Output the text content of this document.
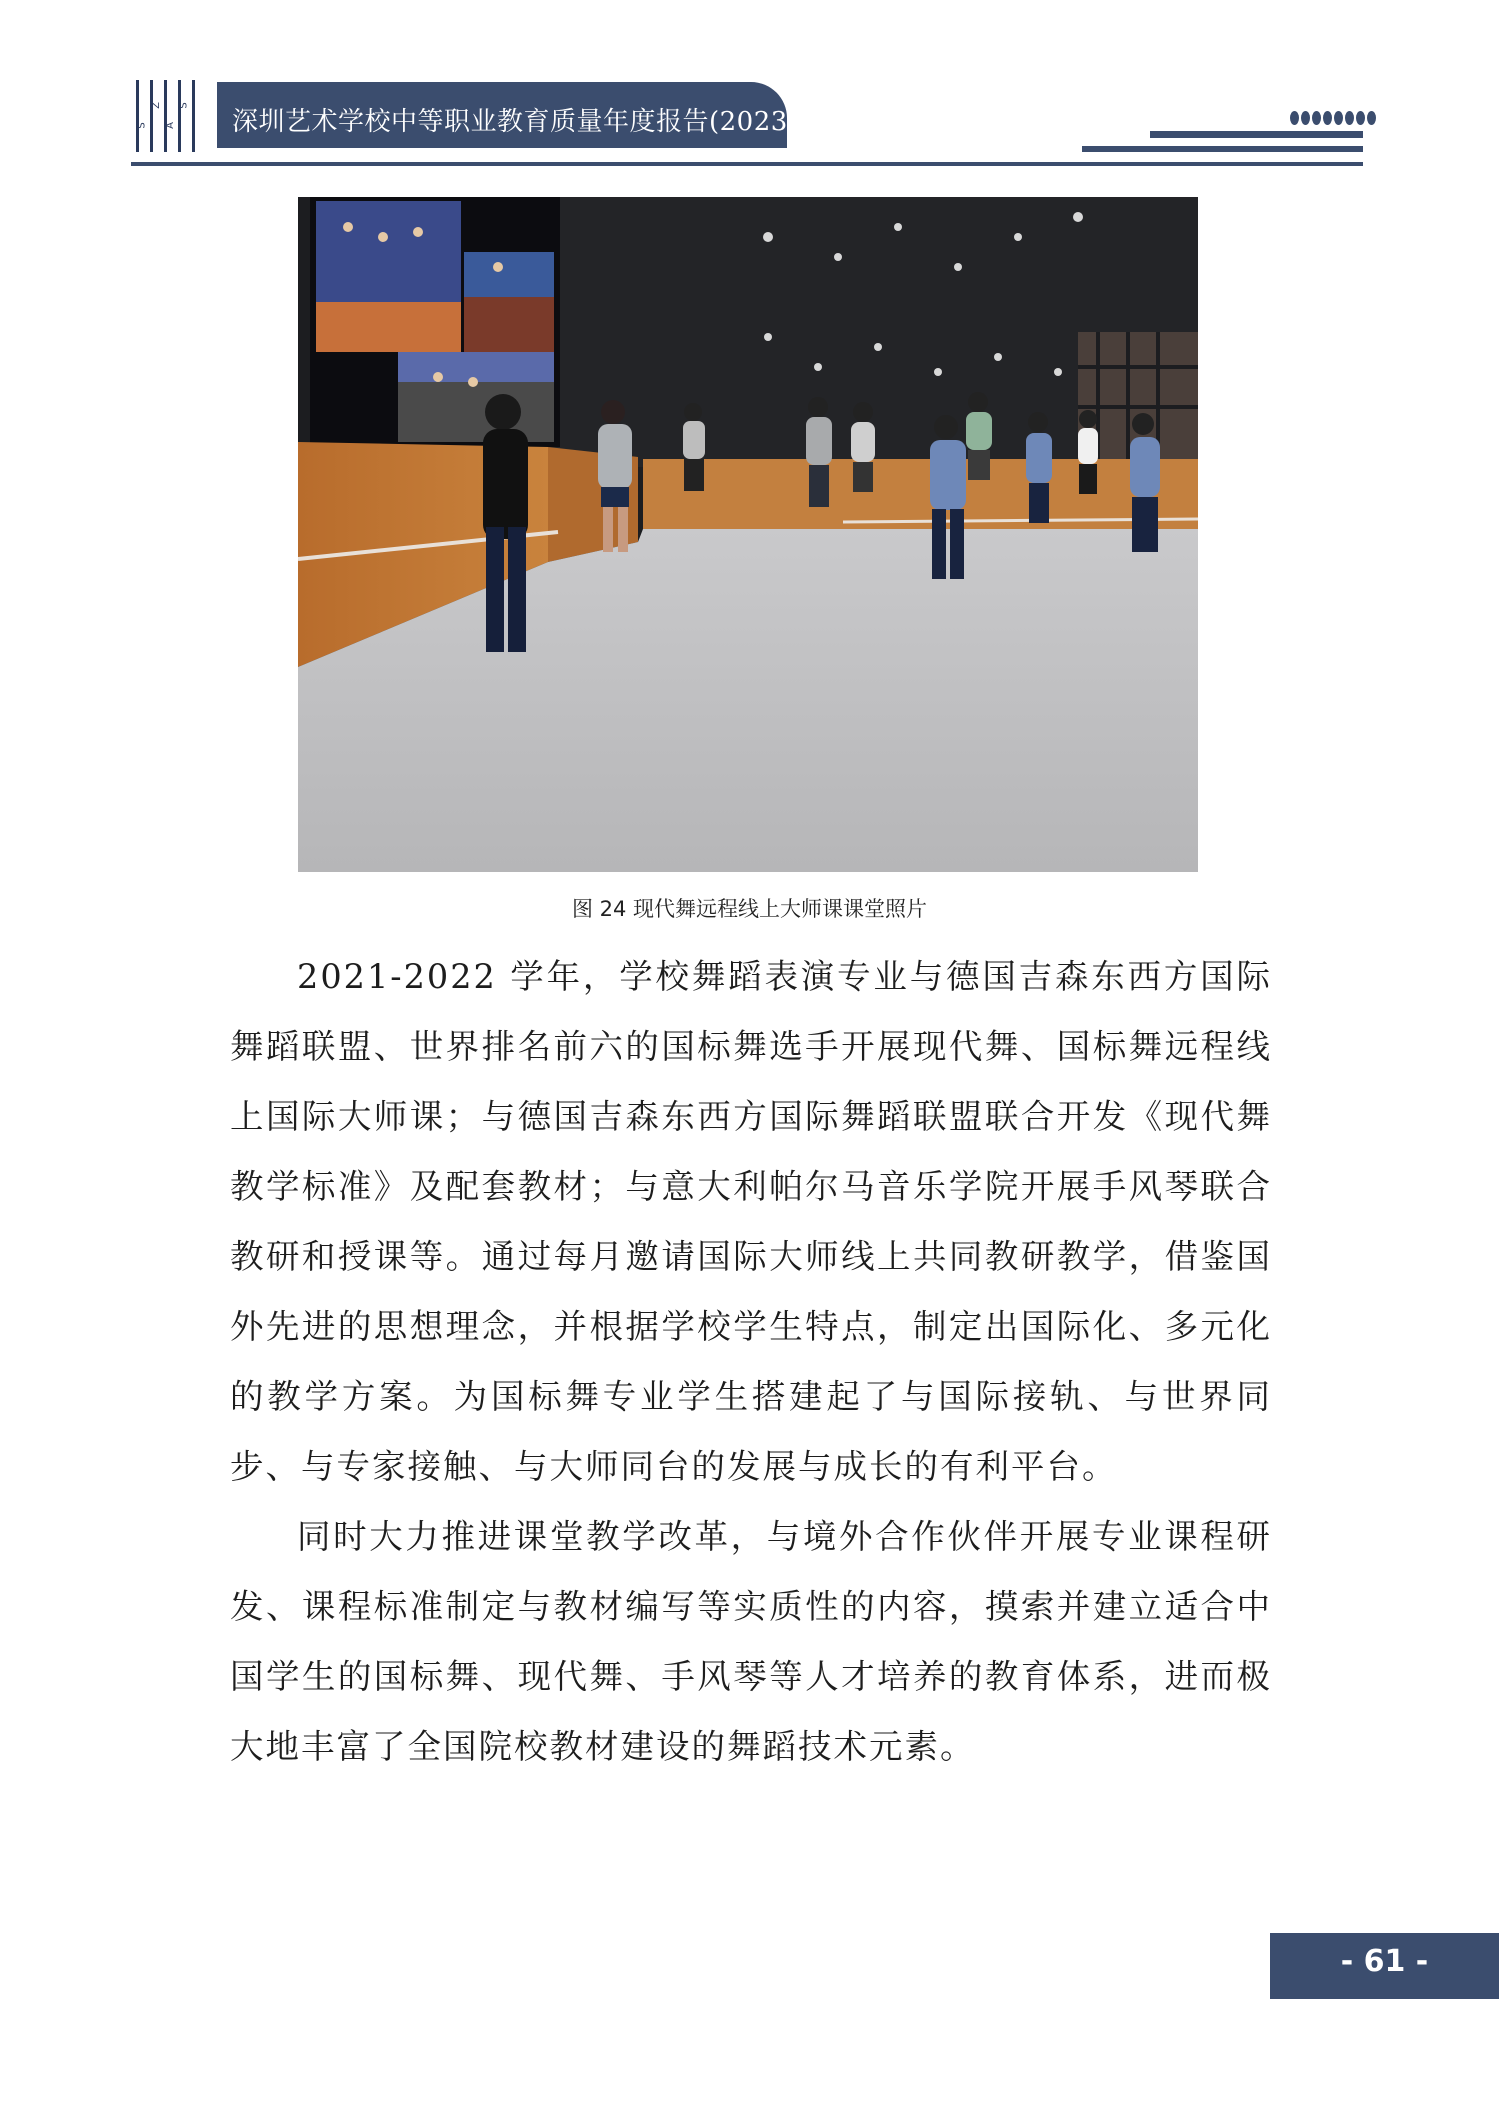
S
Z
A
S
深圳艺术学校中等职业教育质量年度报告(2023)
图 24 现代舞远程线上大师课课堂照片

2021-2022 学年，学校舞蹈表演专业与德国吉森东西方国际舞蹈联盟、世界排名前六的国标舞选手开展现代舞、国标舞远程线上国际大师课；与德国吉森东西方国际舞蹈联盟联合开发《现代舞教学标准》及配套教材；与意大利帕尔马音乐学院开展手风琴联合教研和授课等。通过每月邀请国际大师线上共同教研教学，借鉴国外先进的思想理念，并根据学校学生特点，制定出国际化、多元化的教学方案。为国标舞专业学生搭建起了与国际接轨、与世界同步、与专家接触、与大师同台的发展与成长的有利平台。

同时大力推进课堂教学改革，与境外合作伙伴开展专业课程研发、课程标准制定与教材编写等实质性的内容，摸索并建立适合中国学生的国标舞、现代舞、手风琴等人才培养的教育体系，进而极大地丰富了全国院校教材建设的舞蹈技术元素。

- 61 -
